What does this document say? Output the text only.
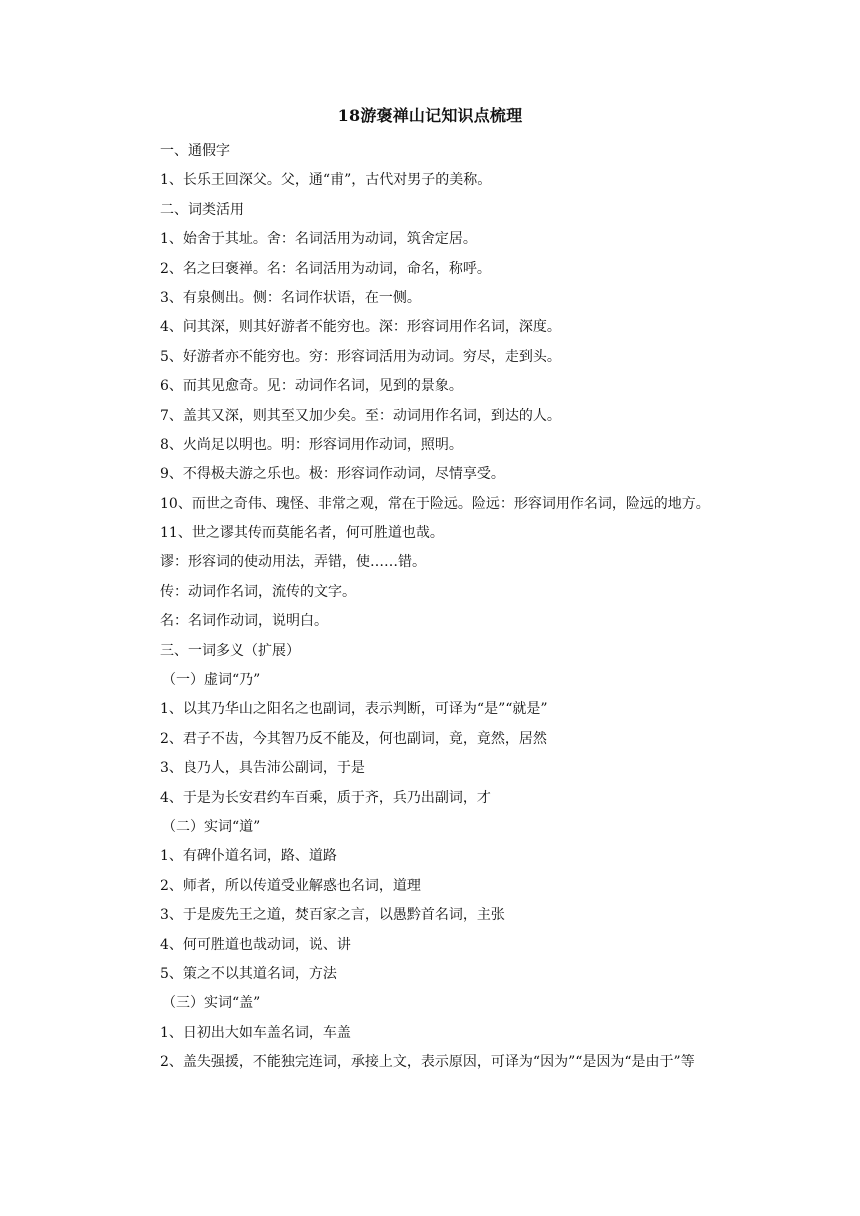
18游褒禅山记知识点梳理
一、通假字
1、长乐王回深父。父，通“甫”，古代对男子的美称。
二、词类活用
1、始舍于其址。舍：名词活用为动词，筑舍定居。
2、名之曰褒禅。名：名词活用为动词，命名，称呼。
3、有泉侧出。侧：名词作状语，在一侧。
4、问其深，则其好游者不能穷也。深：形容词用作名词，深度。
5、好游者亦不能穷也。穷：形容词活用为动词。穷尽，走到头。
6、而其见愈奇。见：动词作名词，见到的景象。
7、盖其又深，则其至又加少矣。至：动词用作名词，到达的人。
8、火尚足以明也。明：形容词用作动词，照明。
9、不得极夫游之乐也。极：形容词作动词，尽情享受。
10、而世之奇伟、瑰怪、非常之观，常在于险远。险远：形容词用作名词，险远的地方。
11、世之谬其传而莫能名者，何可胜道也哉。
谬：形容词的使动用法，弄错，使……错。
传：动词作名词，流传的文字。
名：名词作动词，说明白。
三、一词多义（扩展）
（一）虚词“乃”
1、以其乃华山之阳名之也副词，表示判断，可译为“是”“就是”
2、君子不齿，今其智乃反不能及，何也副词，竟，竟然，居然
3、良乃人，具告沛公副词，于是
4、于是为长安君约车百乘，质于齐，兵乃出副词，才
（二）实词“道”
1、有碑仆道名词，路、道路
2、师者，所以传道受业解惑也名词，道理
3、于是废先王之道，焚百家之言，以愚黔首名词，主张
4、何可胜道也哉动词，说、讲
5、策之不以其道名词，方法
（三）实词“盖”
1、日初出大如车盖名词，车盖
2、盖失强援，不能独完连词，承接上文，表示原因，可译为“因为”“是因为“是由于”等
